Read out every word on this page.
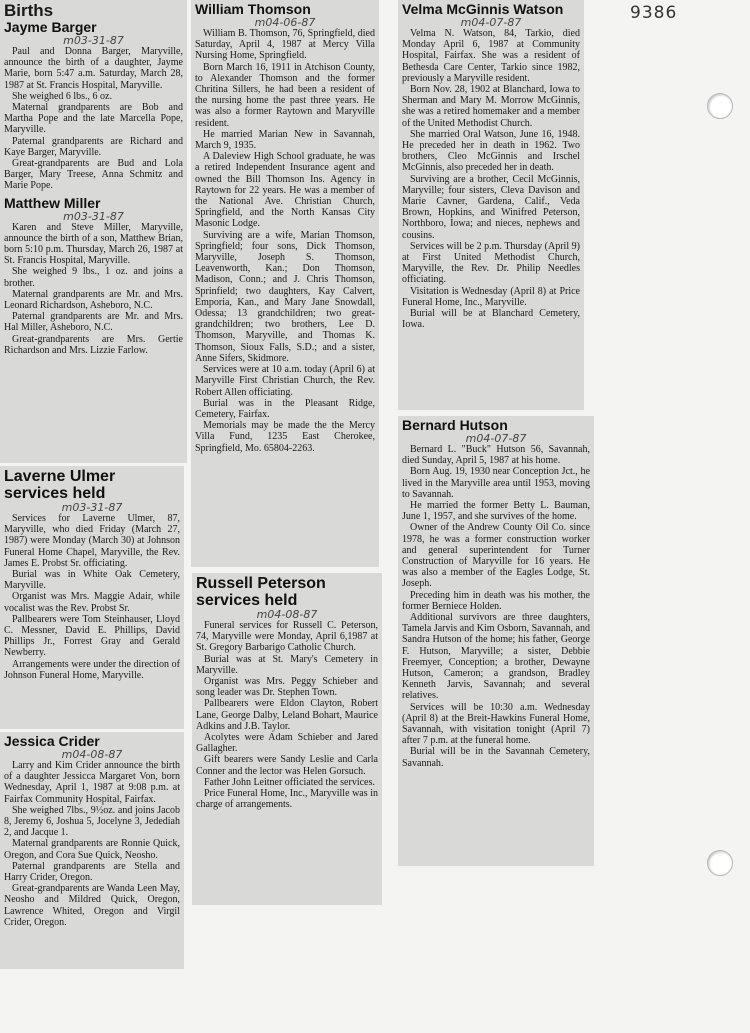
9386
Births
Jayme Barger
m03-31-87

Paul and Donna Barger, Maryville, announce the birth of a daughter, Jayme Marie, born 5:47 a.m. Saturday, March 28, 1987 at St. Francis Hospital, Maryville.

She weighed 6 lbs., 6 oz.

Maternal grandparents are Bob and Martha Pope and the late Marcella Pope, Maryville.

Paternal grandparents are Richard and Kaye Barger, Maryville.

Great-grandparents are Bud and Lola Barger, Mary Treese, Anna Schmitz and Marie Pope.

Matthew Miller
m03-31-87

Karen and Steve Miller, Maryville, announce the birth of a son, Matthew Brian, born 5:10 p.m. Thursday, March 26, 1987 at St. Francis Hospital, Maryville.

She weighed 9 lbs., 1 oz. and joins a brother.

Maternal grandparents are Mr. and Mrs. Leonard Richardson, Asheboro, N.C.

Paternal grandparents are Mr. and Mrs. Hal Miller, Asheboro, N.C.

Great-grandparents are Mrs. Gertie Richardson and Mrs. Lizzie Farlow.

Laverne Ulmer services held
m03-31-87

Services for Laverne Ulmer, 87, Maryville, who died Friday (March 27, 1987) were Monday (March 30) at Johnson Funeral Home Chapel, Maryville, the Rev. James E. Probst Sr. officiating.

Burial was in White Oak Cemetery, Maryville.

Organist was Mrs. Maggie Adair, while vocalist was the Rev. Probst Sr.

Pallbearers were Tom Steinhauser, Lloyd C. Messner, David E. Phillips, David Phillips Jr., Forrest Gray and Gerald Newberry.

Arrangements were under the direction of Johnson Funeral Home, Maryville.

Jessica Crider
m04-08-87

Larry and Kim Crider announce the birth of a daughter Jessicca Margaret Von, born Wednesday, April 1, 1987 at 9:08 p.m. at Fairfax Community Hospital, Fairfax.

She weighed 7lbs., 9½oz. and joins Jacob 8, Jeremy 6, Joshua 5, Jocelyne 3, Jedediah 2, and Jacque 1.

Maternal grandparents are Ronnie Quick, Oregon, and Cora Sue Quick, Neosho.

Paternal grandparents are Stella and Harry Crider, Oregon.

Great-grandparents are Wanda Leen May, Neosho and Mildred Quick, Oregon, Lawrence Whited, Oregon and Virgil Crider, Oregon.

William Thomson
m04-06-87

William B. Thomson, 76, Springfield, died Saturday, April 4, 1987 at Mercy Villa Nursing Home, Springfield.

Born March 16, 1911 in Atchison County, to Alexander Thomson and the former Chritina Sillers, he had been a resident of the nursing home the past three years. He was also a former Raytown and Maryville resident.

He married Marian New in Savannah, March 9, 1935.

A Daleview High School graduate, he was a retired Independent Insurance agent and owned the Bill Thomson Ins. Agency in Raytown for 22 years. He was a member of the National Ave. Christian Church, Springfield, and the North Kansas City Masonic Lodge.

Surviving are a wife, Marian Thomson, Springfield; four sons, Dick Thomson, Maryville, Joseph S. Thomson, Leavenworth, Kan.; Don Thomson, Madison, Conn.; and J. Chris Thomson, Sprinfield; two daughters, Kay Calvert, Emporia, Kan., and Mary Jane Snowdall, Odessa; 13 grandchildren; two great-grandchildren; two brothers, Lee D. Thomson, Maryville, and Thomas K. Thomson, Sioux Falls, S.D.; and a sister, Anne Sifers, Skidmore.

Services were at 10 a.m. today (April 6) at Maryville First Christian Church, the Rev. Robert Allen officiating.

Burial was in the Pleasant Ridge, Cemetery, Fairfax.

Memorials may be made the the Mercy Villa Fund, 1235 East Cherokee, Springfield, Mo. 65804-2263.

Russell Peterson services held
m04-08-87

Funeral services for Russell C. Peterson, 74, Maryville were Monday, April 6,1987 at St. Gregory Barbarigo Catholic Church.

Burial was at St. Mary's Cemetery in Maryville.

Organist was Mrs. Peggy Schieber and song leader was Dr. Stephen Town.

Pallbearers were Eldon Clayton, Robert Lane, George Dalby, Leland Bohart, Maurice Adkins and J.B. Taylor.

Acolytes were Adam Schieber and Jared Gallagher.

Gift bearers were Sandy Leslie and Carla Conner and the lector was Helen Gorsuch.

Father John Leitner officiated the services.

Price Funeral Home, Inc., Maryville was in charge of arrangements.

Velma McGinnis Watson
m04-07-87

Velma N. Watson, 84, Tarkio, died Monday April 6, 1987 at Community Hospital, Fairfax. She was a resident of Bethesda Care Center, Tarkio since 1982, previously a Maryville resident.

Born Nov. 28, 1902 at Blanchard, Iowa to Sherman and Mary M. Morrow McGinnis, she was a retired homemaker and a member of the United Methodist Church.

She married Oral Watson, June 16, 1948. He preceded her in death in 1962. Two brothers, Cleo McGinnis and Irschel McGinnis, also preceded her in death.

Surviving are a brother, Cecil McGinnis, Maryville; four sisters, Cleva Davison and Marie Cavner, Gardena, Calif., Veda Brown, Hopkins, and Winifred Peterson, Northboro, Iowa; and nieces, nephews and cousins.

Services will be 2 p.m. Thursday (April 9) at First United Methodist Church, Maryville, the Rev. Dr. Philip Needles officiating.

Visitation is Wednesday (April 8) at Price Funeral Home, Inc., Maryville.

Burial will be at Blanchard Cemetery, Iowa.

Bernard Hutson
m04-07-87

Bernard L. "Buck" Hutson 56, Savannah, died Sunday, April 5, 1987 at his home.

Born Aug. 19, 1930 near Conception Jct., he lived in the Maryville area until 1953, moving to Savannah.

He married the former Betty L. Bauman, June 1, 1957, and she survives of the home.

Owner of the Andrew County Oil Co. since 1978, he was a former construction worker and general superintendent for Turner Construction of Maryville for 16 years. He was also a member of the Eagles Lodge, St. Joseph.

Preceding him in death was his mother, the former Berniece Holden.

Additional survivors are three daughters, Tamela Jarvis and Kim Osborn, Savannah, and Sandra Hutson of the home; his father, George F. Hutson, Maryville; a sister, Debbie Freemyer, Conception; a brother, Dewayne Hutson, Cameron; a grandson, Bradley Kenneth Jarvis, Savannah; and several relatives.

Services will be 10:30 a.m. Wednesday (April 8) at the Breit-Hawkins Funeral Home, Savannah, with visitation tonight (April 7) after 7 p.m. at the funeral home.

Burial will be in the Savannah Cemetery, Savannah.
